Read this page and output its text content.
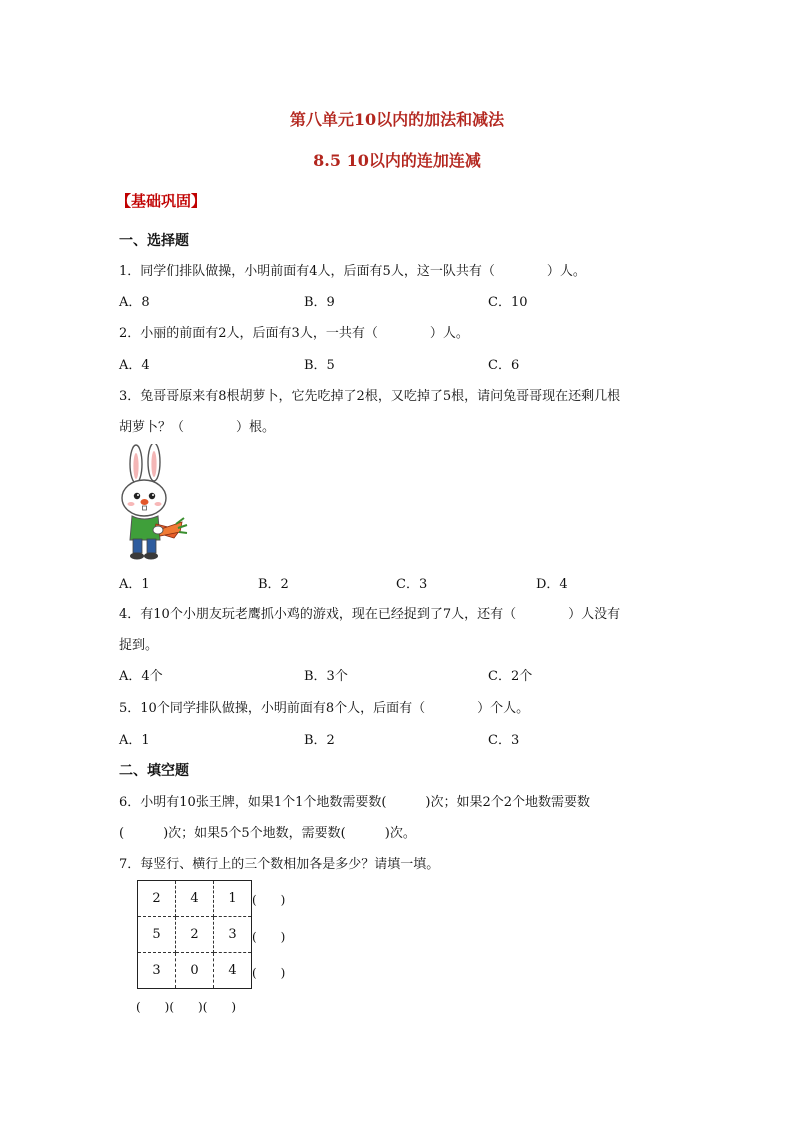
第八单元10以内的加法和减法
8.5 10以内的连加连减
【基础巩固】
一、选择题
1．同学们排队做操，小明前面有4人，后面有5人，这一队共有（　　　　）人。
A．8	B．9	C．10
2．小丽的前面有2人，后面有3人，一共有（　　　　）人。
A．4	B．5	C．6
3．兔哥哥原来有8根胡萝卜，它先吃掉了2根，又吃掉了5根，请问兔哥哥现在还剩几根
胡萝卜？（　　　　）根。
A．1	B．2	C．3	D．4
4．有10个小朋友玩老鹰抓小鸡的游戏，现在已经捉到了7人，还有（　　　　）人没有
捉到。
A．4个	B．3个	C．2个
5．10个同学排队做操，小明前面有8个人，后面有（　　　　）个人。
A．1	B．2	C．3
二、填空题
6．小明有10张王牌，如果1个1个地数需要数(　　　)次；如果2个2个地数需要数
(　　　)次；如果5个5个地数，需要数(　　　)次。
7．每竖行、横行上的三个数相加各是多少？请填一填。
2	4	1
5	2	3
3	0	4
(　　)
(　　)
(　　)
(　　)(　　)(　　)
